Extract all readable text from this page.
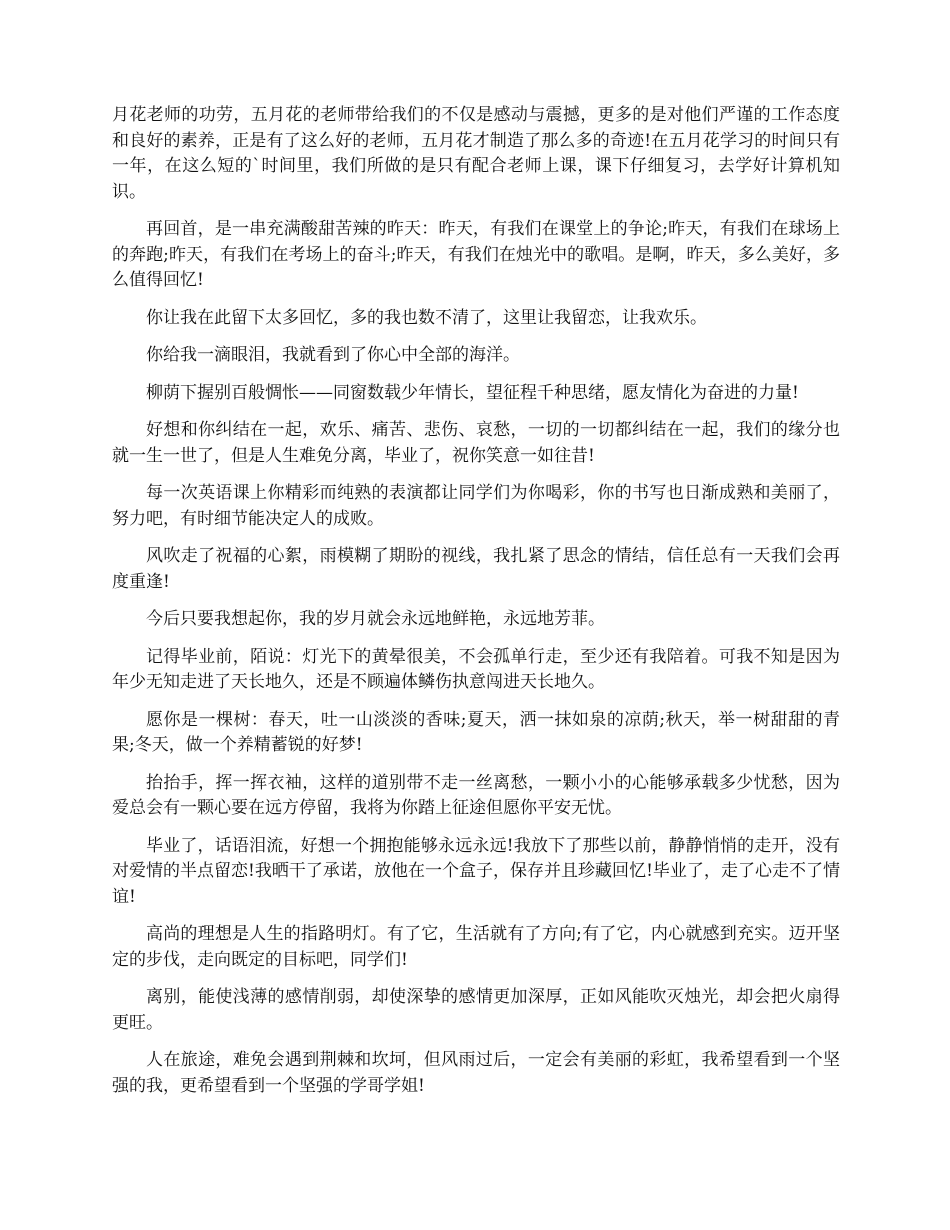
月花老师的功劳，五月花的老师带给我们的不仅是感动与震撼，更多的是对他们严谨的工作态度和良好的素养，正是有了这么好的老师，五月花才制造了那么多的奇迹!在五月花学习的时间只有一年，在这么短的`时间里，我们所做的是只有配合老师上课，课下仔细复习，去学好计算机知识。

再回首，是一串充满酸甜苦辣的昨天：昨天，有我们在课堂上的争论;昨天，有我们在球场上的奔跑;昨天，有我们在考场上的奋斗;昨天，有我们在烛光中的歌唱。是啊，昨天，多么美好，多么值得回忆!

你让我在此留下太多回忆，多的我也数不清了，这里让我留恋，让我欢乐。

你给我一滴眼泪，我就看到了你心中全部的海洋。

柳荫下握别百般惆怅——同窗数载少年情长，望征程千种思绪，愿友情化为奋进的力量!

好想和你纠结在一起，欢乐、痛苦、悲伤、哀愁，一切的一切都纠结在一起，我们的缘分也就一生一世了，但是人生难免分离，毕业了，祝你笑意一如往昔!

每一次英语课上你精彩而纯熟的表演都让同学们为你喝彩，你的书写也日渐成熟和美丽了，努力吧，有时细节能决定人的成败。

风吹走了祝福的心絮，雨模糊了期盼的视线，我扎紧了思念的情结，信任总有一天我们会再度重逢!

今后只要我想起你，我的岁月就会永远地鲜艳，永远地芳菲。

记得毕业前，陌说：灯光下的黄晕很美，不会孤单行走，至少还有我陪着。可我不知是因为年少无知走进了天长地久，还是不顾遍体鳞伤执意闯进天长地久。

愿你是一棵树：春天，吐一山淡淡的香味;夏天，洒一抹如泉的凉荫;秋天，举一树甜甜的青果;冬天，做一个养精蓄锐的好梦!

抬抬手，挥一挥衣袖，这样的道别带不走一丝离愁，一颗小小的心能够承载多少忧愁，因为爱总会有一颗心要在远方停留，我将为你踏上征途但愿你平安无忧。

毕业了，话语泪流，好想一个拥抱能够永远永远!我放下了那些以前，静静悄悄的走开，没有对爱情的半点留恋!我晒干了承诺，放他在一个盒子，保存并且珍藏回忆!毕业了，走了心走不了情谊!

高尚的理想是人生的指路明灯。有了它，生活就有了方向;有了它，内心就感到充实。迈开坚定的步伐，走向既定的目标吧，同学们!

离别，能使浅薄的感情削弱，却使深挚的感情更加深厚，正如风能吹灭烛光，却会把火扇得更旺。

人在旅途，难免会遇到荆棘和坎坷，但风雨过后，一定会有美丽的彩虹，我希望看到一个坚强的我，更希望看到一个坚强的学哥学姐!
